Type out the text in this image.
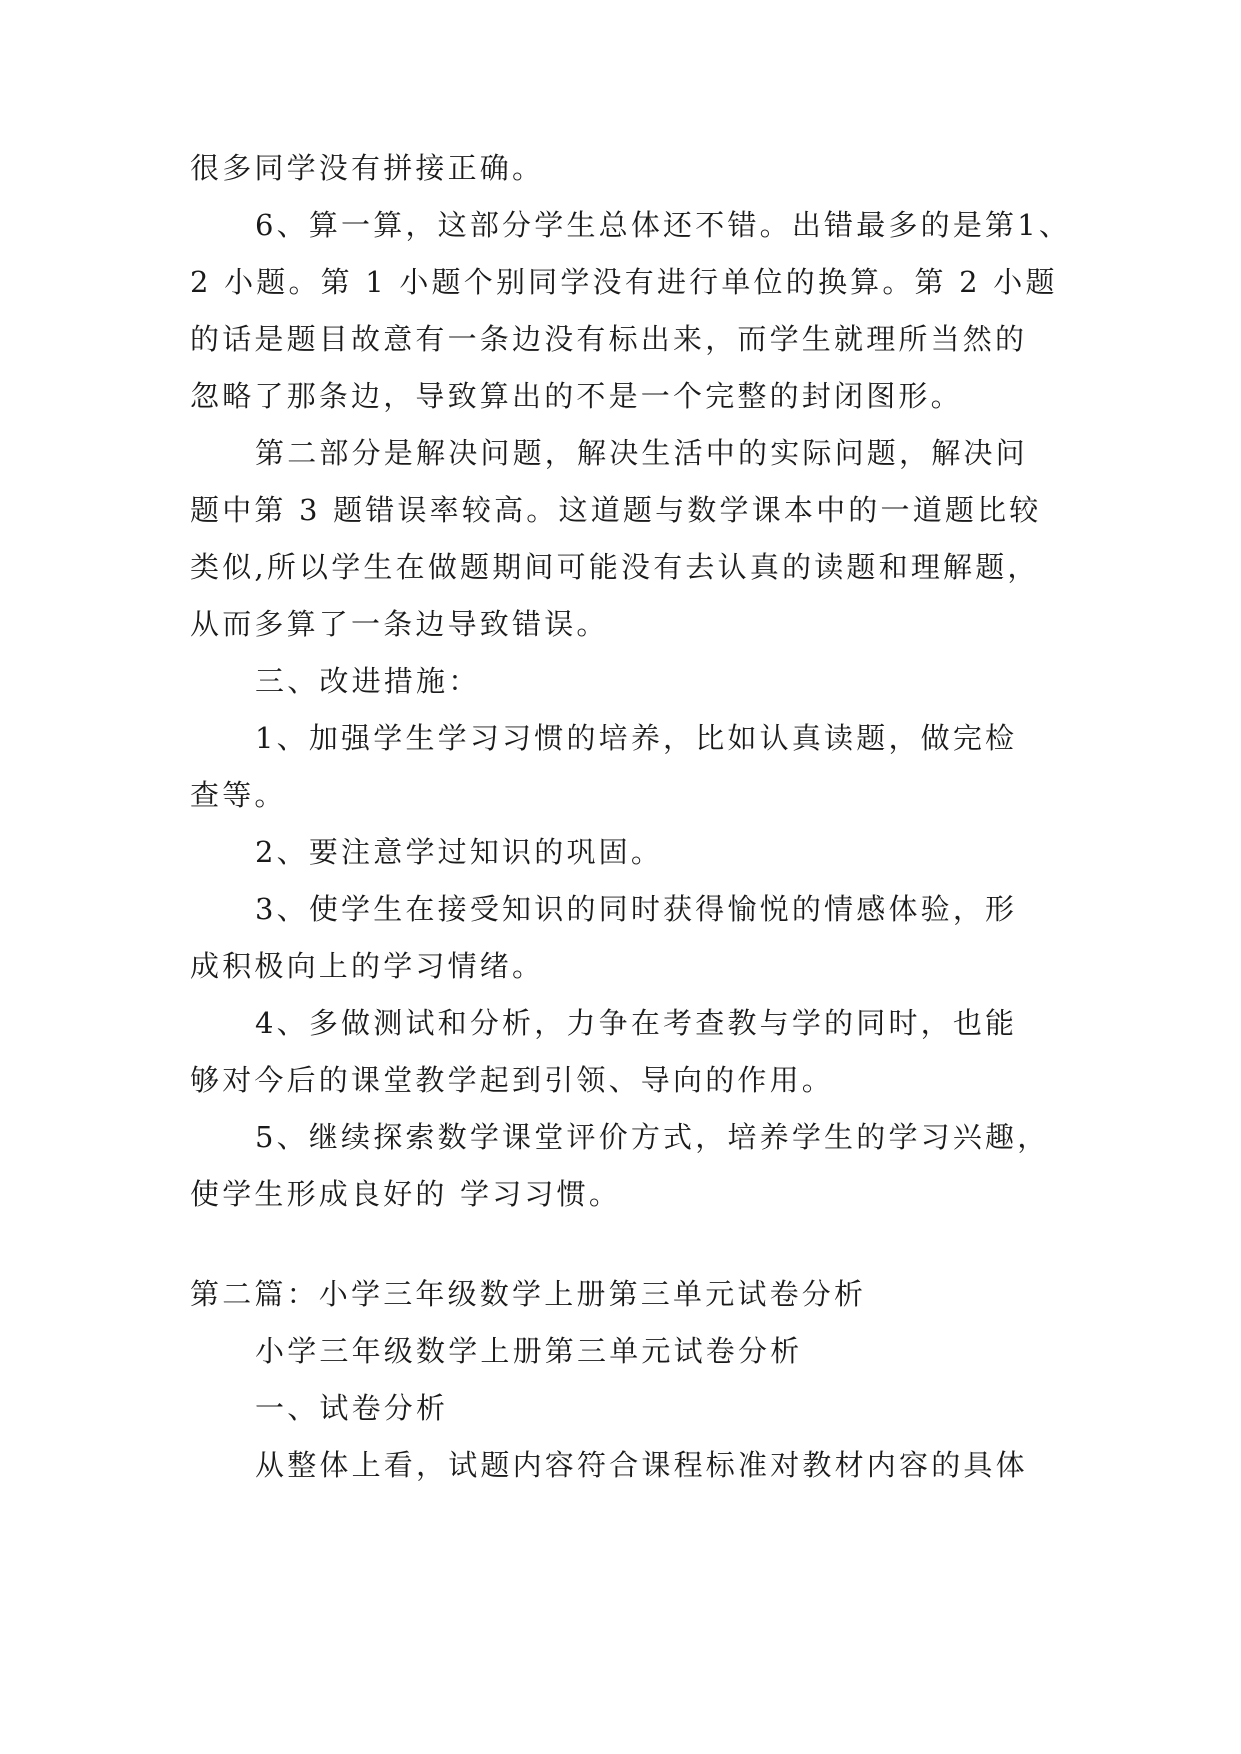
很多同学没有拼接正确。
6、算一算，这部分学生总体还不错。出错最多的是第1、
2 小题。第 1 小题个别同学没有进行单位的换算。第 2 小题
的话是题目故意有一条边没有标出来，而学生就理所当然的
忽略了那条边，导致算出的不是一个完整的封闭图形。
第二部分是解决问题，解决生活中的实际问题，解决问
题中第 3 题错误率较高。这道题与数学课本中的一道题比较
类似,所以学生在做题期间可能没有去认真的读题和理解题，
从而多算了一条边导致错误。
三、改进措施：
1、加强学生学习习惯的培养，比如认真读题，做完检
查等。
2、要注意学过知识的巩固。
3、使学生在接受知识的同时获得愉悦的情感体验，形
成积极向上的学习情绪。
4、多做测试和分析，力争在考查教与学的同时，也能
够对今后的课堂教学起到引领、导向的作用。
5、继续探索数学课堂评价方式，培养学生的学习兴趣，
使学生形成良好的 学习习惯。
第二篇：小学三年级数学上册第三单元试卷分析
小学三年级数学上册第三单元试卷分析
一、试卷分析
从整体上看，试题内容符合课程标准对教材内容的具体
